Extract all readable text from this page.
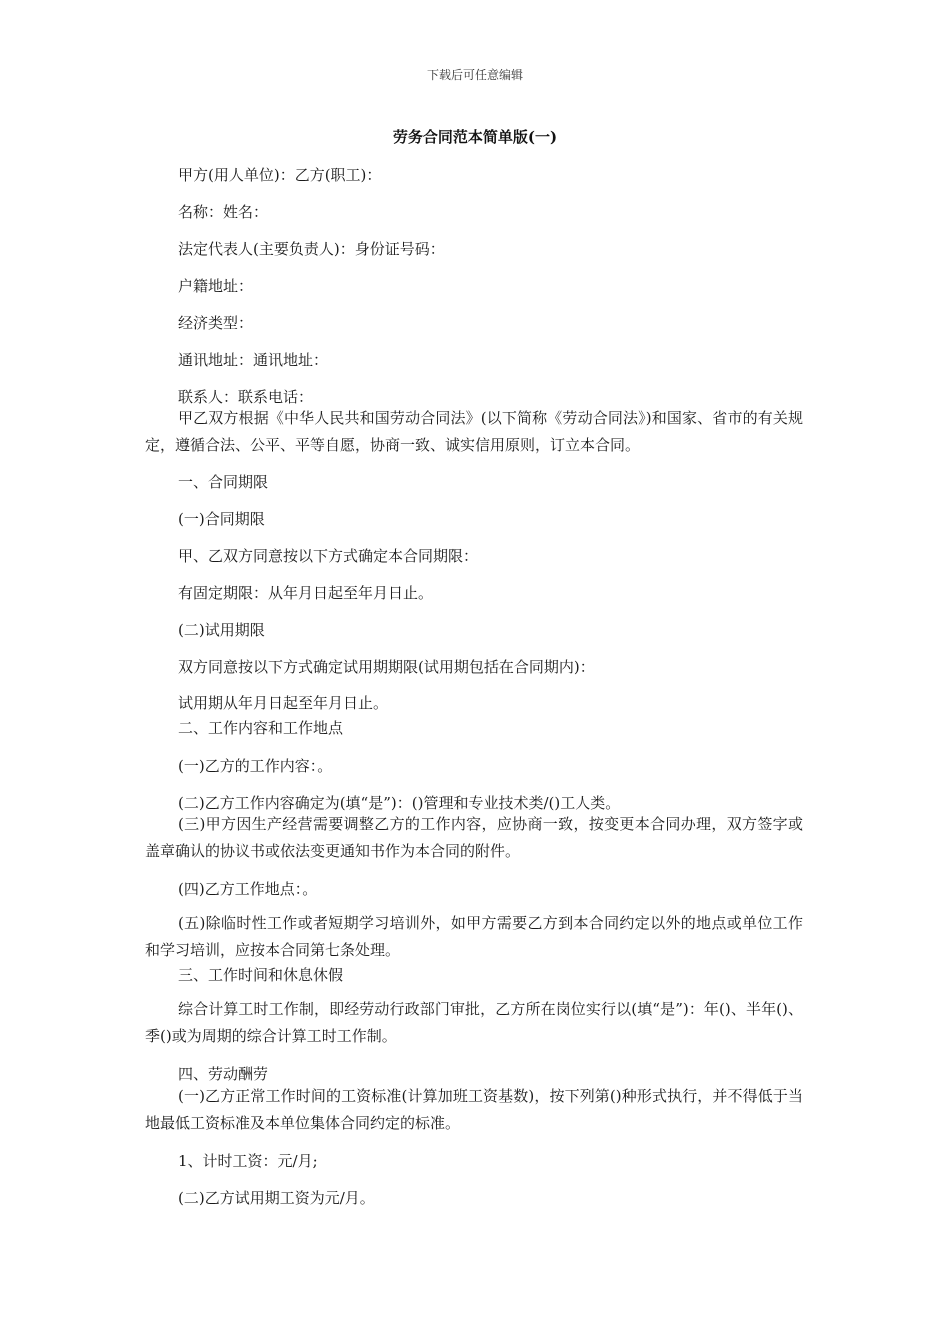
下载后可任意编辑
劳务合同范本简单版(一)
甲方(用人单位)：乙方(职工)：
名称：姓名：
法定代表人(主要负责人)：身份证号码：
户籍地址：
经济类型：
通讯地址：通讯地址：
联系人：联系电话：
甲乙双方根据《中华人民共和国劳动合同法》(以下简称《劳动合同法》)和国家、省市的有关规定，遵循合法、公平、平等自愿，协商一致、诚实信用原则，订立本合同。
一、合同期限
(一)合同期限
甲、乙双方同意按以下方式确定本合同期限：
有固定期限：从年月日起至年月日止。
(二)试用期限
双方同意按以下方式确定试用期期限(试用期包括在合同期内)：
试用期从年月日起至年月日止。
二、工作内容和工作地点
(一)乙方的工作内容：。
(二)乙方工作内容确定为(填“是”)：()管理和专业技术类/()工人类。
(三)甲方因生产经营需要调整乙方的工作内容，应协商一致，按变更本合同办理，双方签字或盖章确认的协议书或依法变更通知书作为本合同的附件。
(四)乙方工作地点：。
(五)除临时性工作或者短期学习培训外，如甲方需要乙方到本合同约定以外的地点或单位工作和学习培训，应按本合同第七条处理。
三、工作时间和休息休假
综合计算工时工作制，即经劳动行政部门审批，乙方所在岗位实行以(填“是”)：年()、半年()、季()或为周期的综合计算工时工作制。
四、劳动酬劳
(一)乙方正常工作时间的工资标准(计算加班工资基数)，按下列第()种形式执行，并不得低于当地最低工资标准及本单位集体合同约定的标准。
1、计时工资：元/月;
(二)乙方试用期工资为元/月。
